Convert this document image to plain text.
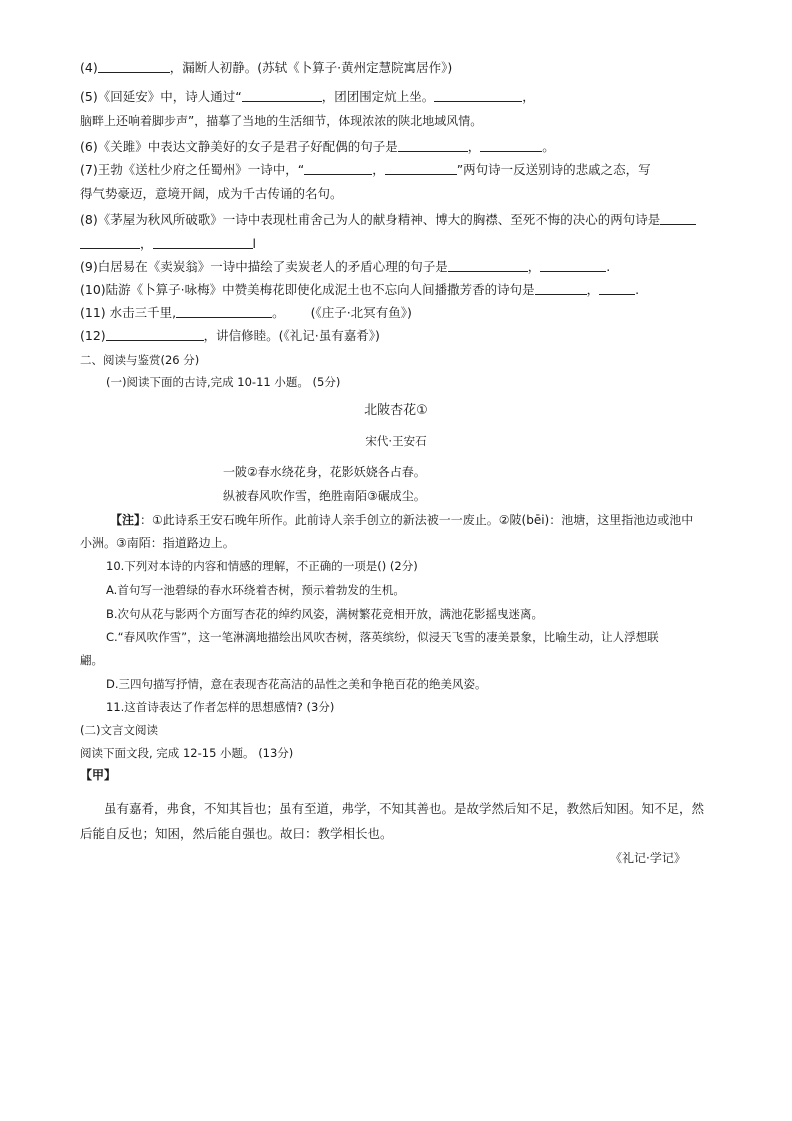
(4)	，漏断人初静。(苏轼《卜算子·黄州定慧院寓居作》)
(5)《回延安》中，诗人通过“	，团团围定炕上坐。	，
脑畔上还响着脚步声”，描摹了当地的生活细节，体现浓浓的陕北地域风情。
(6)《关雎》中表达文静美好的女子是君子好配偶的句子是	，	。
(7)王勃《送杜少府之任蜀州》一诗中，“	，	”两句诗一反送别诗的悲戚之态，写
得气势豪迈，意境开阔，成为千古传诵的名句。
(8)《茅屋为秋风所破歌》一诗中表现杜甫舍己为人的献身精神、博大的胸襟、至死不悔的决心的两句诗是
，	l
(9)白居易在《卖炭翁》一诗中描绘了卖炭老人的矛盾心理的句子是	，	.
(10)陆游《卜算子·咏梅》中赞美梅花即使化成泥土也不忘向人间播撒芳香的诗句是	，	.
(11) 水击三千里,	。 (《庄子·北冥有鱼》)
(12)	，讲信修睦。(《礼记·虽有嘉肴》)
二、阅读与鉴赏(26 分)
(一)阅读下面的古诗,完成 10-11 小题。 (5分)
北陂杏花①
宋代·王安石
一陂②春水绕花身，花影妖娆各占春。
纵被春风吹作雪，绝胜南陌③碾成尘。
【注】：①此诗系王安石晚年所作。此前诗人亲手创立的新法被一一废止。②陂(bēi)：池塘，这里指池边或池中
小洲。③南陌：指道路边上。
10.下列对本诗的内容和情感的理解，不正确的一项是() (2分)
A.首句写一池碧绿的春水环绕着杏树，预示着勃发的生机。
B.次句从花与影两个方面写杏花的绰约风姿，满树繁花竞相开放，满池花影摇曳迷离。
C.“春风吹作雪”，这一笔淋漓地描绘出风吹杏树，落英缤纷，似浸天飞雪的凄美景象，比喻生动，让人浮想联
翩。
D.三四句描写抒情，意在表现杏花高洁的品性之美和争艳百花的绝美风姿。
11.这首诗表达了作者怎样的思想感情? (3分)
(二)文言文阅读
阅读下面文段, 完成 12-15 小题。 (13分)
【甲】
虽有嘉肴，弗食，不知其旨也；虽有至道，弗学，不知其善也。是故学然后知不足，教然后知困。知不足，然
后能自反也；知困，然后能自强也。故曰：教学相长也。
《礼记·学记》
